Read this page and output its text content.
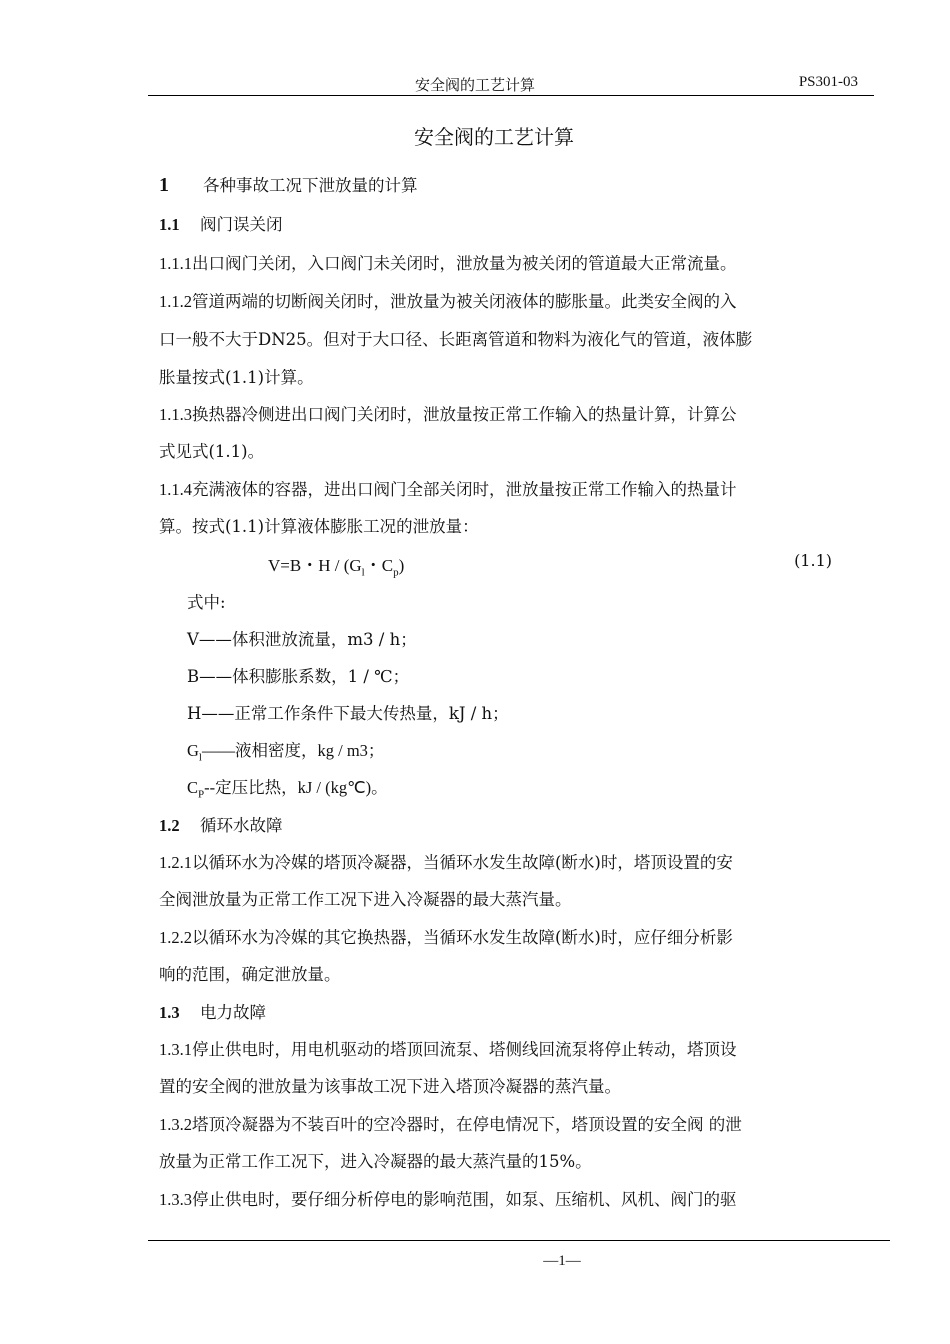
安全阀的工艺计算	PS301-03
安全阀的工艺计算
1 各种事故工况下泄放量的计算
1.1 阀门误关闭
1.1.1出口阀门关闭，入口阀门未关闭时，泄放量为被关闭的管道最大正常流量。
1.1.2管道两端的切断阀关闭时，泄放量为被关闭液体的膨胀量。此类安全阀的入
口一般不大于DN25。但对于大口径、长距离管道和物料为液化气的管道，液体膨
胀量按式(1.1)计算。
1.1.3换热器冷侧进出口阀门关闭时，泄放量按正常工作输入的热量计算，计算公
式见式(1.1)。
1.1.4充满液体的容器，进出口阀门全部关闭时，泄放量按正常工作输入的热量计
算。按式(1.1)计算液体膨胀工况的泄放量：
V=B・H / ($G_l$・$C_p$)	(1.1)
式中:
V——体积泄放流量，m3 / h；
B——体积膨胀系数，1 / ℃；
H——正常工作条件下最大传热量，kJ / h；
$G_l——$液相密度，kg / m3；
$C_P--$定压比热，kJ / (kg℃)。
1.2 循环水故障
1.2.1以循环水为冷媒的塔顶冷凝器，当循环水发生故障(断水)时，塔顶设置的安
全阀泄放量为正常工作工况下进入冷凝器的最大蒸汽量。
1.2.2以循环水为冷媒的其它换热器，当循环水发生故障(断水)时，应仔细分析影
响的范围，确定泄放量。
1.3 电力故障
1.3.1停止供电时，用电机驱动的塔顶回流泵、塔侧线回流泵将停止转动，塔顶设
置的安全阀的泄放量为该事故工况下进入塔顶冷凝器的蒸汽量。
1.3.2塔顶冷凝器为不装百叶的空冷器时，在停电情况下，塔顶设置的安全阀 的泄
放量为正常工作工况下，进入冷凝器的最大蒸汽量的15%。
1.3.3停止供电时，要仔细分析停电的影响范围，如泵、压缩机、风机、阀门的驱
—1—
